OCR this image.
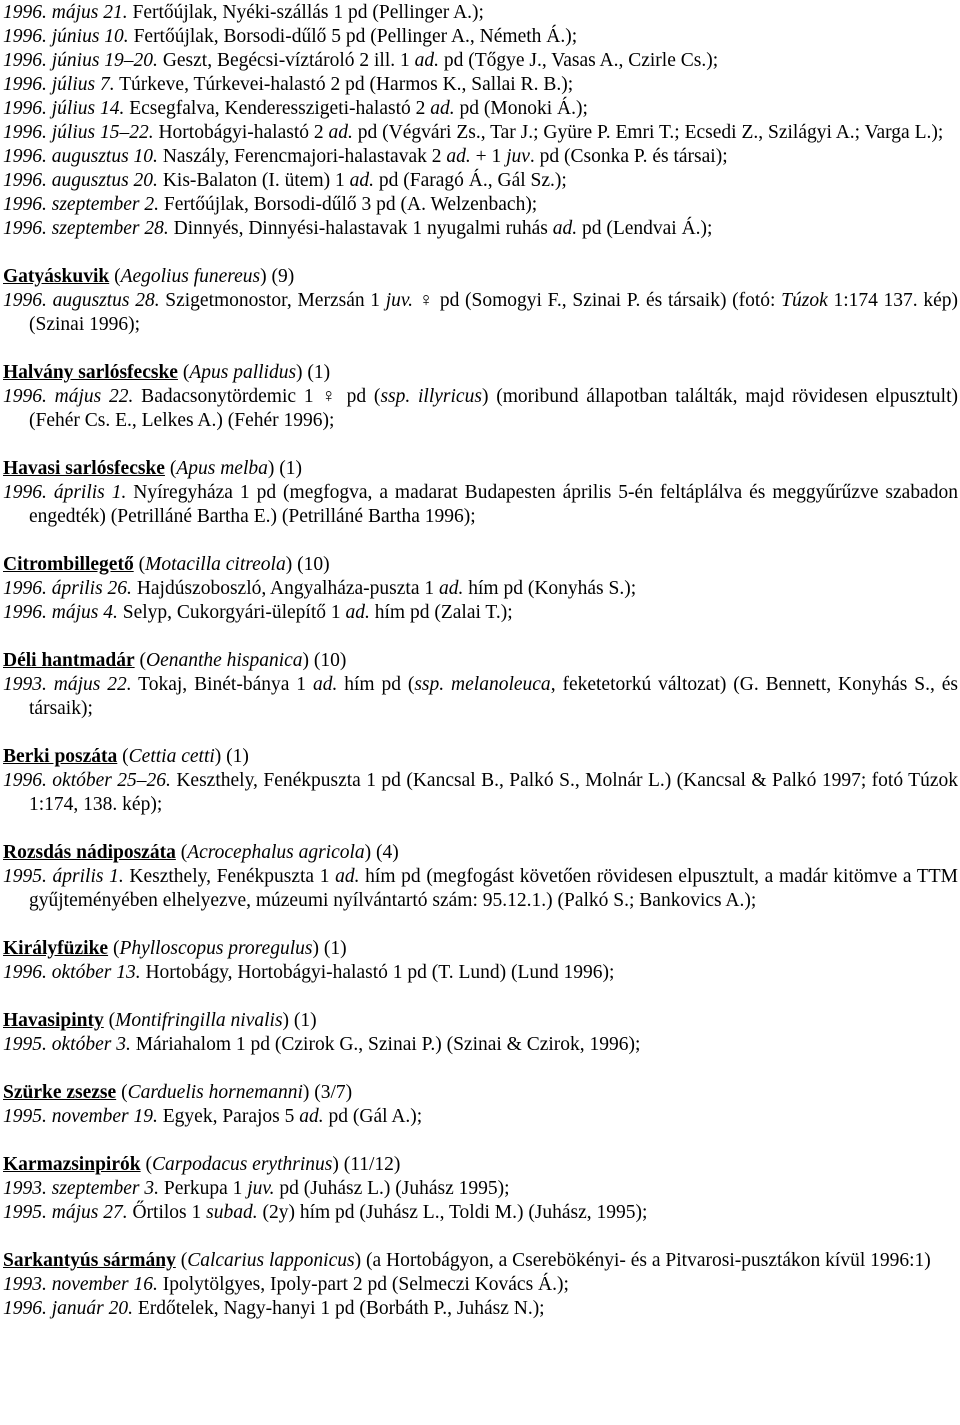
1996. május 21. Fertőújlak, Nyéki-szállás 1 pd (Pellinger A.);

1996. június 10. Fertőújlak, Borsodi-dűlő 5 pd (Pellinger A., Németh Á.);

1996. június 19–20. Geszt, Begécsi-víztároló 2 ill. 1 ad. pd (Tőgye J., Vasas A., Czirle Cs.);

1996. július 7. Túrkeve, Túrkevei-halastó 2 pd (Harmos K., Sallai R. B.);

1996. július 14. Ecsegfalva, Kenderesszigeti-halastó 2 ad. pd (Monoki Á.);

1996. július 15–22. Hortobágyi-halastó 2 ad. pd (Végvári Zs., Tar J.; Gyüre P. Emri T.; Ecsedi Z., Szilágyi A.; Varga L.);

1996. augusztus 10. Naszály, Ferencmajori-halastavak 2 ad. + 1 juv. pd (Csonka P. és társai);

1996. augusztus 20. Kis-Balaton (I. ütem) 1 ad. pd (Faragó Á., Gál Sz.);

1996. szeptember 2. Fertőújlak, Borsodi-dűlő 3 pd (A. Welzenbach);

1996. szeptember 28. Dinnyés, Dinnyési-halastavak 1 nyugalmi ruhás ad. pd (Lendvai Á.);

Gatyáskuvik (Aegolius funereus) (9)

1996. augusztus 28. Szigetmonostor, Merzsán 1 juv. ♀ pd (Somogyi F., Szinai P. és társaik) (fotó: Túzok 1:174 137. kép) (Szinai 1996);

Halvány sarlósfecske (Apus pallidus) (1)

1996. május 22. Badacsonytördemic 1 ♀ pd (ssp. illyricus) (moribund állapotban találták, majd rövidesen elpusztult) (Fehér Cs. E., Lelkes A.) (Fehér 1996);

Havasi sarlósfecske (Apus melba) (1)

1996. április 1. Nyíregyháza 1 pd (megfogva, a madarat Budapesten április 5-én feltáplálva és meggyűrűzve szabadon engedték) (Petrilláné Bartha E.) (Petrilláné Bartha 1996);

Citrombillegető (Motacilla citreola) (10)

1996. április 26. Hajdúszoboszló, Angyalháza-puszta 1 ad. hím pd (Konyhás S.);

1996. május 4. Selyp, Cukorgyári-ülepítő 1 ad. hím pd (Zalai T.);

Déli hantmadár (Oenanthe hispanica) (10)

1993. május 22. Tokaj, Binét-bánya 1 ad. hím pd (ssp. melanoleuca, feketetorkú változat) (G. Bennett, Konyhás S., és társaik);

Berki poszáta (Cettia cetti) (1)

1996. október 25–26. Keszthely, Fenékpuszta 1 pd (Kancsal B., Palkó S., Molnár L.) (Kancsal & Palkó 1997; fotó Túzok 1:174, 138. kép);

Rozsdás nádiposzáta (Acrocephalus agricola) (4)

1995. április 1. Keszthely, Fenékpuszta 1 ad. hím pd (megfogást követően rövidesen elpusztult, a madár kitömve a TTM gyűjteményében elhelyezve, múzeumi nyílvántartó szám: 95.12.1.) (Palkó S.; Bankovics A.);

Királyfüzike (Phylloscopus proregulus) (1)

1996. október 13. Hortobágy, Hortobágyi-halastó 1 pd (T. Lund) (Lund 1996);

Havasipinty (Montifringilla nivalis) (1)

1995. október 3. Máriahalom 1 pd (Czirok G., Szinai P.) (Szinai & Czirok, 1996);

Szürke zsezse (Carduelis hornemanni) (3/7)

1995. november 19. Egyek, Parajos 5 ad. pd (Gál A.);

Karmazsinpirók (Carpodacus erythrinus) (11/12)

1993. szeptember 3. Perkupa 1 juv. pd (Juhász L.) (Juhász 1995);

1995. május 27. Őrtilos 1 subad. (2y) hím pd (Juhász L., Toldi M.) (Juhász, 1995);

Sarkantyús sármány (Calcarius lapponicus) (a Hortobágyon, a Cserebökényi- és a Pitvarosi-pusztákon kívül 1996:1)

1993. november 16. Ipolytölgyes, Ipoly-part 2 pd (Selmeczi Kovács Á.);

1996. január 20. Erdőtelek, Nagy-hanyi 1 pd (Borbáth P., Juhász N.);
